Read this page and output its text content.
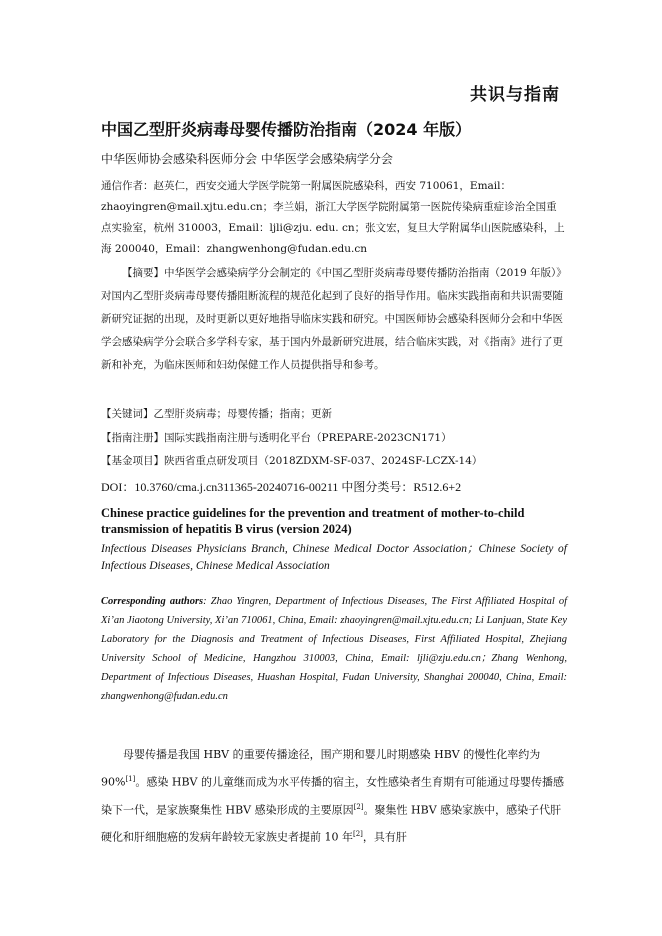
共识与指南
中国乙型肝炎病毒母婴传播防治指南（2024 年版）
中华医师协会感染科医师分会 中华医学会感染病学分会
通信作者：赵英仁，西安交通大学医学院第一附属医院感染科，西安 710061，Email：zhaoyingren@mail.xjtu.edu.cn；李兰娟，浙江大学医学院附属第一医院传染病重症诊治全国重点实验室，杭州 310003，Email：ljli@zju. edu. cn；张文宏，复旦大学附属华山医院感染科，上海 200040，Email：zhangwenhong@fudan.edu.cn

【摘要】中华医学会感染病学分会制定的《中国乙型肝炎病毒母婴传播防治指南（2019 年版）》对国内乙型肝炎病毒母婴传播阻断流程的规范化起到了良好的指导作用。临床实践指南和共识需要随新研究证据的出现，及时更新以更好地指导临床实践和研究。中国医师协会感染科医师分会和中华医学会感染病学分会联合多学科专家，基于国内外最新研究进展，结合临床实践，对《指南》进行了更新和补充，为临床医师和妇幼保健工作人员提供指导和参考。

【关键词】乙型肝炎病毒；母婴传播；指南；更新
【指南注册】国际实践指南注册与透明化平台（PREPARE-2023CN171）
【基金项目】陕西省重点研发项目（2018ZDXM-SF-037、2024SF-LCZX-14）
DOI：10.3760/cma.j.cn311365-20240716-00211 中图分类号：R512.6+2
Chinese practice guidelines for the prevention and treatment of mother-to-child transmission of hepatitis B virus (version 2024)
Infectious Diseases Physicians Branch, Chinese Medical Doctor Association；Chinese Society of Infectious Diseases, Chinese Medical Association
Corresponding authors: Zhao Yingren, Department of Infectious Diseases, The First Affiliated Hospital of Xi’an Jiaotong University, Xi’an 710061, China, Email: zhaoyingren@mail.xjtu.edu.cn; Li Lanjuan, State Key Laboratory for the Diagnosis and Treatment of Infectious Diseases, First Affiliated Hospital, Zhejiang University School of Medicine, Hangzhou 310003, China, Email: ljli@zju.edu.cn；Zhang Wenhong, Department of Infectious Diseases, Huashan Hospital, Fudan University, Shanghai 200040, China, Email: zhangwenhong@fudan.edu.cn

母婴传播是我国 HBV 的重要传播途径，围产期和婴儿时期感染 HBV 的慢性化率约为 90%[1]。感染 HBV 的儿童继而成为水平传播的宿主，女性感染者生育期有可能通过母婴传播感染下一代，是家族聚集性 HBV 感染形成的主要原因[2]。聚集性 HBV 感染家族中，感染子代肝硬化和肝细胞癌的发病年龄较无家族史者提前 10 年[2]，具有肝
